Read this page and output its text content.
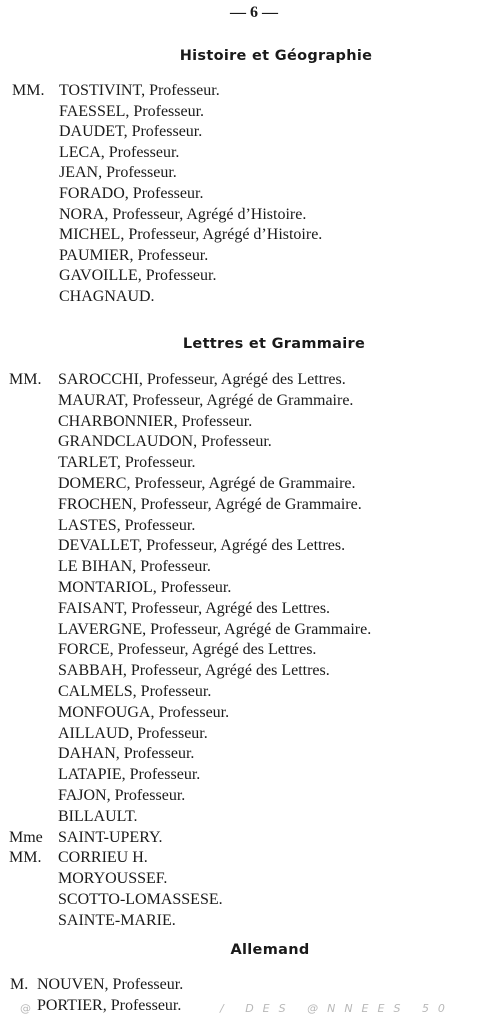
— 6 —
Histoire et Géographie
MM. TOSTIVINT, Professeur.
FAESSEL, Professeur.
DAUDET, Professeur.
LECA, Professeur.
JEAN, Professeur.
FORADO, Professeur.
NORA, Professeur, Agrégé d’Histoire.
MICHEL, Professeur, Agrégé d’Histoire.
PAUMIER, Professeur.
GAVOILLE, Professeur.
CHAGNAUD.
Lettres et Grammaire
MM. SAROCCHI, Professeur, Agrégé des Lettres.
MAURAT, Professeur, Agrégé de Grammaire.
CHARBONNIER, Professeur.
GRANDCLAUDON, Professeur.
TARLET, Professeur.
DOMERC, Professeur, Agrégé de Grammaire.
FROCHEN, Professeur, Agrégé de Grammaire.
LASTES, Professeur.
DEVALLET, Professeur, Agrégé des Lettres.
LE BIHAN, Professeur.
MONTARIOL, Professeur.
FAISANT, Professeur, Agrégé des Lettres.
LAVERGNE, Professeur, Agrégé de Grammaire.
FORCE, Professeur, Agrégé des Lettres.
SABBAH, Professeur, Agrégé des Lettres.
CALMELS, Professeur.
MONFOUGA, Professeur.
AILLAUD, Professeur.
DAHAN, Professeur.
LATAPIE, Professeur.
FAJON, Professeur.
BILLAULT.
Mme SAINT-UPERY.
MM. CORRIEU H.
MORYOUSSEF.
SCOTTO-LOMASSESE.
SAINTE-MARIE.
Allemand
M. NOUVEN, Professeur.
PORTIER, Professeur.
@	/ DES @NNEES 50
